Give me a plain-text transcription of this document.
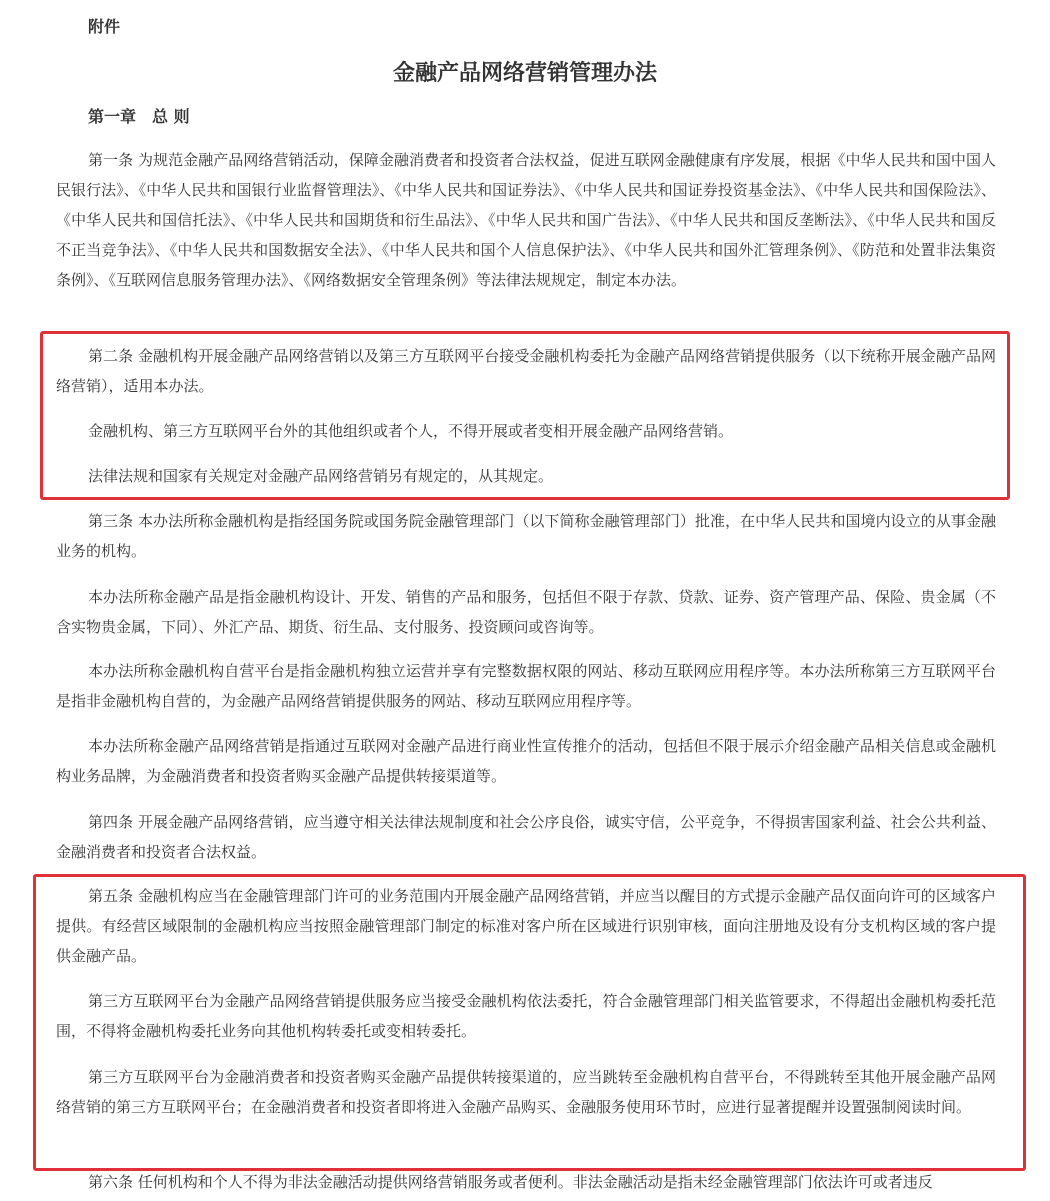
附件
金融产品网络营销管理办法
第一章　总 则

第一条 为规范金融产品网络营销活动，保障金融消费者和投资者合法权益，促进互联网金融健康有序发展，根据《中华人民共和国中国人民银行法》、《中华人民共和国银行业监督管理法》、《中华人民共和国证券法》、《中华人民共和国证券投资基金法》、《中华人民共和国保险法》、《中华人民共和国信托法》、《中华人民共和国期货和衍生品法》、《中华人民共和国广告法》、《中华人民共和国反垄断法》、《中华人民共和国反不正当竞争法》、《中华人民共和国数据安全法》、《中华人民共和国个人信息保护法》、《中华人民共和国外汇管理条例》、《防范和处置非法集资条例》、《互联网信息服务管理办法》、《网络数据安全管理条例》等法律法规规定，制定本办法。

第二条 金融机构开展金融产品网络营销以及第三方互联网平台接受金融机构委托为金融产品网络营销提供服务（以下统称开展金融产品网络营销），适用本办法。

金融机构、第三方互联网平台外的其他组织或者个人，不得开展或者变相开展金融产品网络营销。

法律法规和国家有关规定对金融产品网络营销另有规定的，从其规定。

第三条 本办法所称金融机构是指经国务院或国务院金融管理部门（以下简称金融管理部门）批准，在中华人民共和国境内设立的从事金融业务的机构。

本办法所称金融产品是指金融机构设计、开发、销售的产品和服务，包括但不限于存款、贷款、证券、资产管理产品、保险、贵金属（不含实物贵金属，下同）、外汇产品、期货、衍生品、支付服务、投资顾问或咨询等。

本办法所称金融机构自营平台是指金融机构独立运营并享有完整数据权限的网站、移动互联网应用程序等。本办法所称第三方互联网平台是指非金融机构自营的，为金融产品网络营销提供服务的网站、移动互联网应用程序等。

本办法所称金融产品网络营销是指通过互联网对金融产品进行商业性宣传推介的活动，包括但不限于展示介绍金融产品相关信息或金融机构业务品牌，为金融消费者和投资者购买金融产品提供转接渠道等。

第四条 开展金融产品网络营销，应当遵守相关法律法规制度和社会公序良俗，诚实守信，公平竞争，不得损害国家利益、社会公共利益、金融消费者和投资者合法权益。

第五条 金融机构应当在金融管理部门许可的业务范围内开展金融产品网络营销，并应当以醒目的方式提示金融产品仅面向许可的区域客户提供。有经营区域限制的金融机构应当按照金融管理部门制定的标准对客户所在区域进行识别审核，面向注册地及设有分支机构区域的客户提供金融产品。

第三方互联网平台为金融产品网络营销提供服务应当接受金融机构依法委托，符合金融管理部门相关监管要求，不得超出金融机构委托范围，不得将金融机构委托业务向其他机构转委托或变相转委托。

第三方互联网平台为金融消费者和投资者购买金融产品提供转接渠道的，应当跳转至金融机构自营平台，不得跳转至其他开展金融产品网络营销的第三方互联网平台；在金融消费者和投资者即将进入金融产品购买、金融服务使用环节时，应进行显著提醒并设置强制阅读时间。

第六条 任何机构和个人不得为非法金融活动提供网络营销服务或者便利。非法金融活动是指未经金融管理部门依法许可或者违反
